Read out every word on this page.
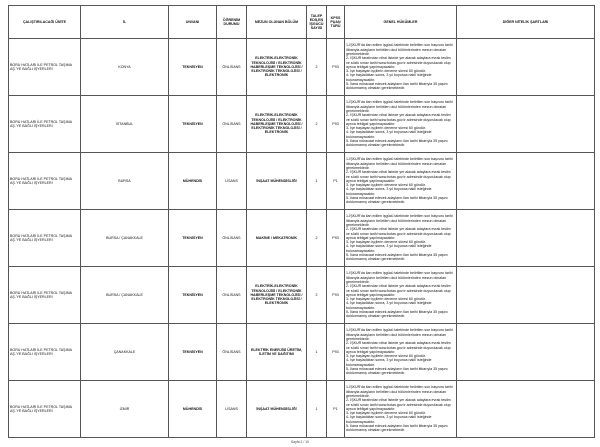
ÇALIŞTIRILACAĞI ÜNİTE	İL	UNVANI	ÖĞRENİM DURUMU	MEZUN OLUNAN BÖLÜM	TALEP EDİLEN İŞGÜCÜ SAYISI	KPSS PUAN TÜRÜ	GENEL HÜKÜMLER	DİĞER NİTELİK ŞARTLARI
BORU HATLARI İLE PETROL TAŞIMA AŞ.'YE BAĞLI İŞYERLERİ	KONYA	TEKNİSYEN	ÖNLİSANS	ELEKTRİK-ELEKTRONİK TEKNOLOJİSİ / ELEKTRONİK HABERLEŞME TEKNOLOJİSİ / ELEKTRONİK TEKNOLOJİSİ / ELEKTRONİK	2	P93	1-İŞKUR'da ilan edilen işgücü talebinde belirtilen son başvuru tarihi itibarıyla adayların belirtilen okul bölümlerinden mezun olmaları gerekmektedir.
2- İŞKUR tarafından nihai listede yer alacak adaylara evrak teslim ve sözlü sınav tarihi www.botas.gov.tr adresinde duyurulacak olup ayrıca tebligat yapılmayacaktır.
3- İşe başlayan işçilerin deneme süresi 60 gündür.
4- İşe başladıktan sonra, 3 yıl boyunca naklî isteğinde bulunamayacaktır.
5- İlana müracaat edecek adayların ilan tarihi itibarıyla 35 yaşını doldurmamış olmaları gerekmektedir.	

BORU HATLARI İLE PETROL TAŞIMA AŞ.'YE BAĞLI İŞYERLERİ	İSTANBUL	TEKNİSYEN	ÖNLİSANS	ELEKTRİK-ELEKTRONİK TEKNOLOJİSİ / ELEKTRONİK HABERLEŞME TEKNOLOJİSİ / ELEKTRONİK TEKNOLOJİSİ / ELEKTRONİK	2	P93	1-İŞKUR'da ilan edilen işgücü talebinde belirtilen son başvuru tarihi itibarıyla adayların belirtilen okul bölümlerinden mezun olmaları gerekmektedir.
2- İŞKUR tarafından nihai listede yer alacak adaylara evrak teslim ve sözlü sınav tarihi www.botas.gov.tr adresinde duyurulacak olup ayrıca tebligat yapılmayacaktır.
3- İşe başlayan işçilerin deneme süresi 60 gündür.
4- İşe başladıktan sonra, 3 yıl boyunca naklî isteğinde bulunamayacaktır.
5- İlana müracaat edecek adayların ilan tarihi itibarıyla 35 yaşını doldurmamış olmaları gerekmektedir.	

BORU HATLARI İLE PETROL TAŞIMA AŞ.'YE BAĞLI İŞYERLERİ	BURSA	MÜHENDİS	LİSANS	İNŞAAT MÜHENDİSLİĞİ	1	P1	1-İŞKUR'da ilan edilen işgücü talebinde belirtilen son başvuru tarihi itibarıyla adayların belirtilen okul bölümlerinden mezun olmaları gerekmektedir.
2- İŞKUR tarafından nihai listede yer alacak adaylara evrak teslim ve sözlü sınav tarihi www.botas.gov.tr adresinde duyurulacak olup ayrıca tebligat yapılmayacaktır.
3- İşe başlayan işçilerin deneme süresi 60 gündür.
4- İşe başladıktan sonra, 3 yıl boyunca naklî isteğinde bulunamayacaktır.
5- İlana müracaat edecek adayların ilan tarihi itibarıyla 35 yaşını doldurmamış olmaları gerekmektedir.	

BORU HATLARI İLE PETROL TAŞIMA AŞ.'YE BAĞLI İŞYERLERİ	BURSA / ÇANAKKALE	TEKNİSYEN	ÖNLİSANS	MAKİNE / MEKATRONİK	2	P93	1-İŞKUR'da ilan edilen işgücü talebinde belirtilen son başvuru tarihi itibarıyla adayların belirtilen okul bölümlerinden mezun olmaları gerekmektedir.
2- İŞKUR tarafından nihai listede yer alacak adaylara evrak teslim ve sözlü sınav tarihi www.botas.gov.tr adresinde duyurulacak olup ayrıca tebligat yapılmayacaktır.
3- İşe başlayan işçilerin deneme süresi 60 gündür.
4- İşe başladıktan sonra, 3 yıl boyunca naklî isteğinde bulunamayacaktır.
5- İlana müracaat edecek adayların ilan tarihi itibarıyla 35 yaşını doldurmamış olmaları gerekmektedir.	

BORU HATLARI İLE PETROL TAŞIMA AŞ.'YE BAĞLI İŞYERLERİ	BURSA / ÇANAKKALE	TEKNİSYEN	ÖNLİSANS	ELEKTRİK-ELEKTRONİK TEKNOLOJİSİ / ELEKTRONİK HABERLEŞME TEKNOLOJİSİ / ELEKTRONİK TEKNOLOJİSİ / ELEKTRONİK	2	P93	1-İŞKUR'da ilan edilen işgücü talebinde belirtilen son başvuru tarihi itibarıyla adayların belirtilen okul bölümlerinden mezun olmaları gerekmektedir.
2- İŞKUR tarafından nihai listede yer alacak adaylara evrak teslim ve sözlü sınav tarihi www.botas.gov.tr adresinde duyurulacak olup ayrıca tebligat yapılmayacaktır.
3- İşe başlayan işçilerin deneme süresi 60 gündür.
4- İşe başladıktan sonra, 3 yıl boyunca naklî isteğinde bulunamayacaktır.
5- İlana müracaat edecek adayların ilan tarihi itibarıyla 35 yaşını doldurmamış olmaları gerekmektedir.	

BORU HATLARI İLE PETROL TAŞIMA AŞ.'YE BAĞLI İŞYERLERİ	ÇANAKKALE	TEKNİSYEN	ÖNLİSANS	ELEKTRİK ENERJİSİ ÜRETİM, İLETİM VE DAĞITIMI	1	P93	1-İŞKUR'da ilan edilen işgücü talebinde belirtilen son başvuru tarihi itibarıyla adayların belirtilen okul bölümlerinden mezun olmaları gerekmektedir.
2- İŞKUR tarafından nihai listede yer alacak adaylara evrak teslim ve sözlü sınav tarihi www.botas.gov.tr adresinde duyurulacak olup ayrıca tebligat yapılmayacaktır.
3- İşe başlayan işçilerin deneme süresi 60 gündür.
4- İşe başladıktan sonra, 3 yıl boyunca naklî isteğinde bulunamayacaktır.
5- İlana müracaat edecek adayların ilan tarihi itibarıyla 35 yaşını doldurmamış olmaları gerekmektedir.	

BORU HATLARI İLE PETROL TAŞIMA AŞ.'YE BAĞLI İŞYERLERİ	İZMİR	MÜHENDİS	LİSANS	İNŞAAT MÜHENDİSLİĞİ	1	P1	1-İŞKUR'da ilan edilen işgücü talebinde belirtilen son başvuru tarihi itibarıyla adayların belirtilen okul bölümlerinden mezun olmaları gerekmektedir.
2- İŞKUR tarafından nihai listede yer alacak adaylara evrak teslim ve sözlü sınav tarihi www.botas.gov.tr adresinde duyurulacak olup ayrıca tebligat yapılmayacaktır.
3- İşe başlayan işçilerin deneme süresi 60 gündür.
4- İşe başladıktan sonra, 3 yıl boyunca naklî isteğinde bulunamayacaktır.
5- İlana müracaat edecek adayların ilan tarihi itibarıyla 35 yaşını doldurmamış olmaları gerekmektedir.	

Sayfa 2 / 10
